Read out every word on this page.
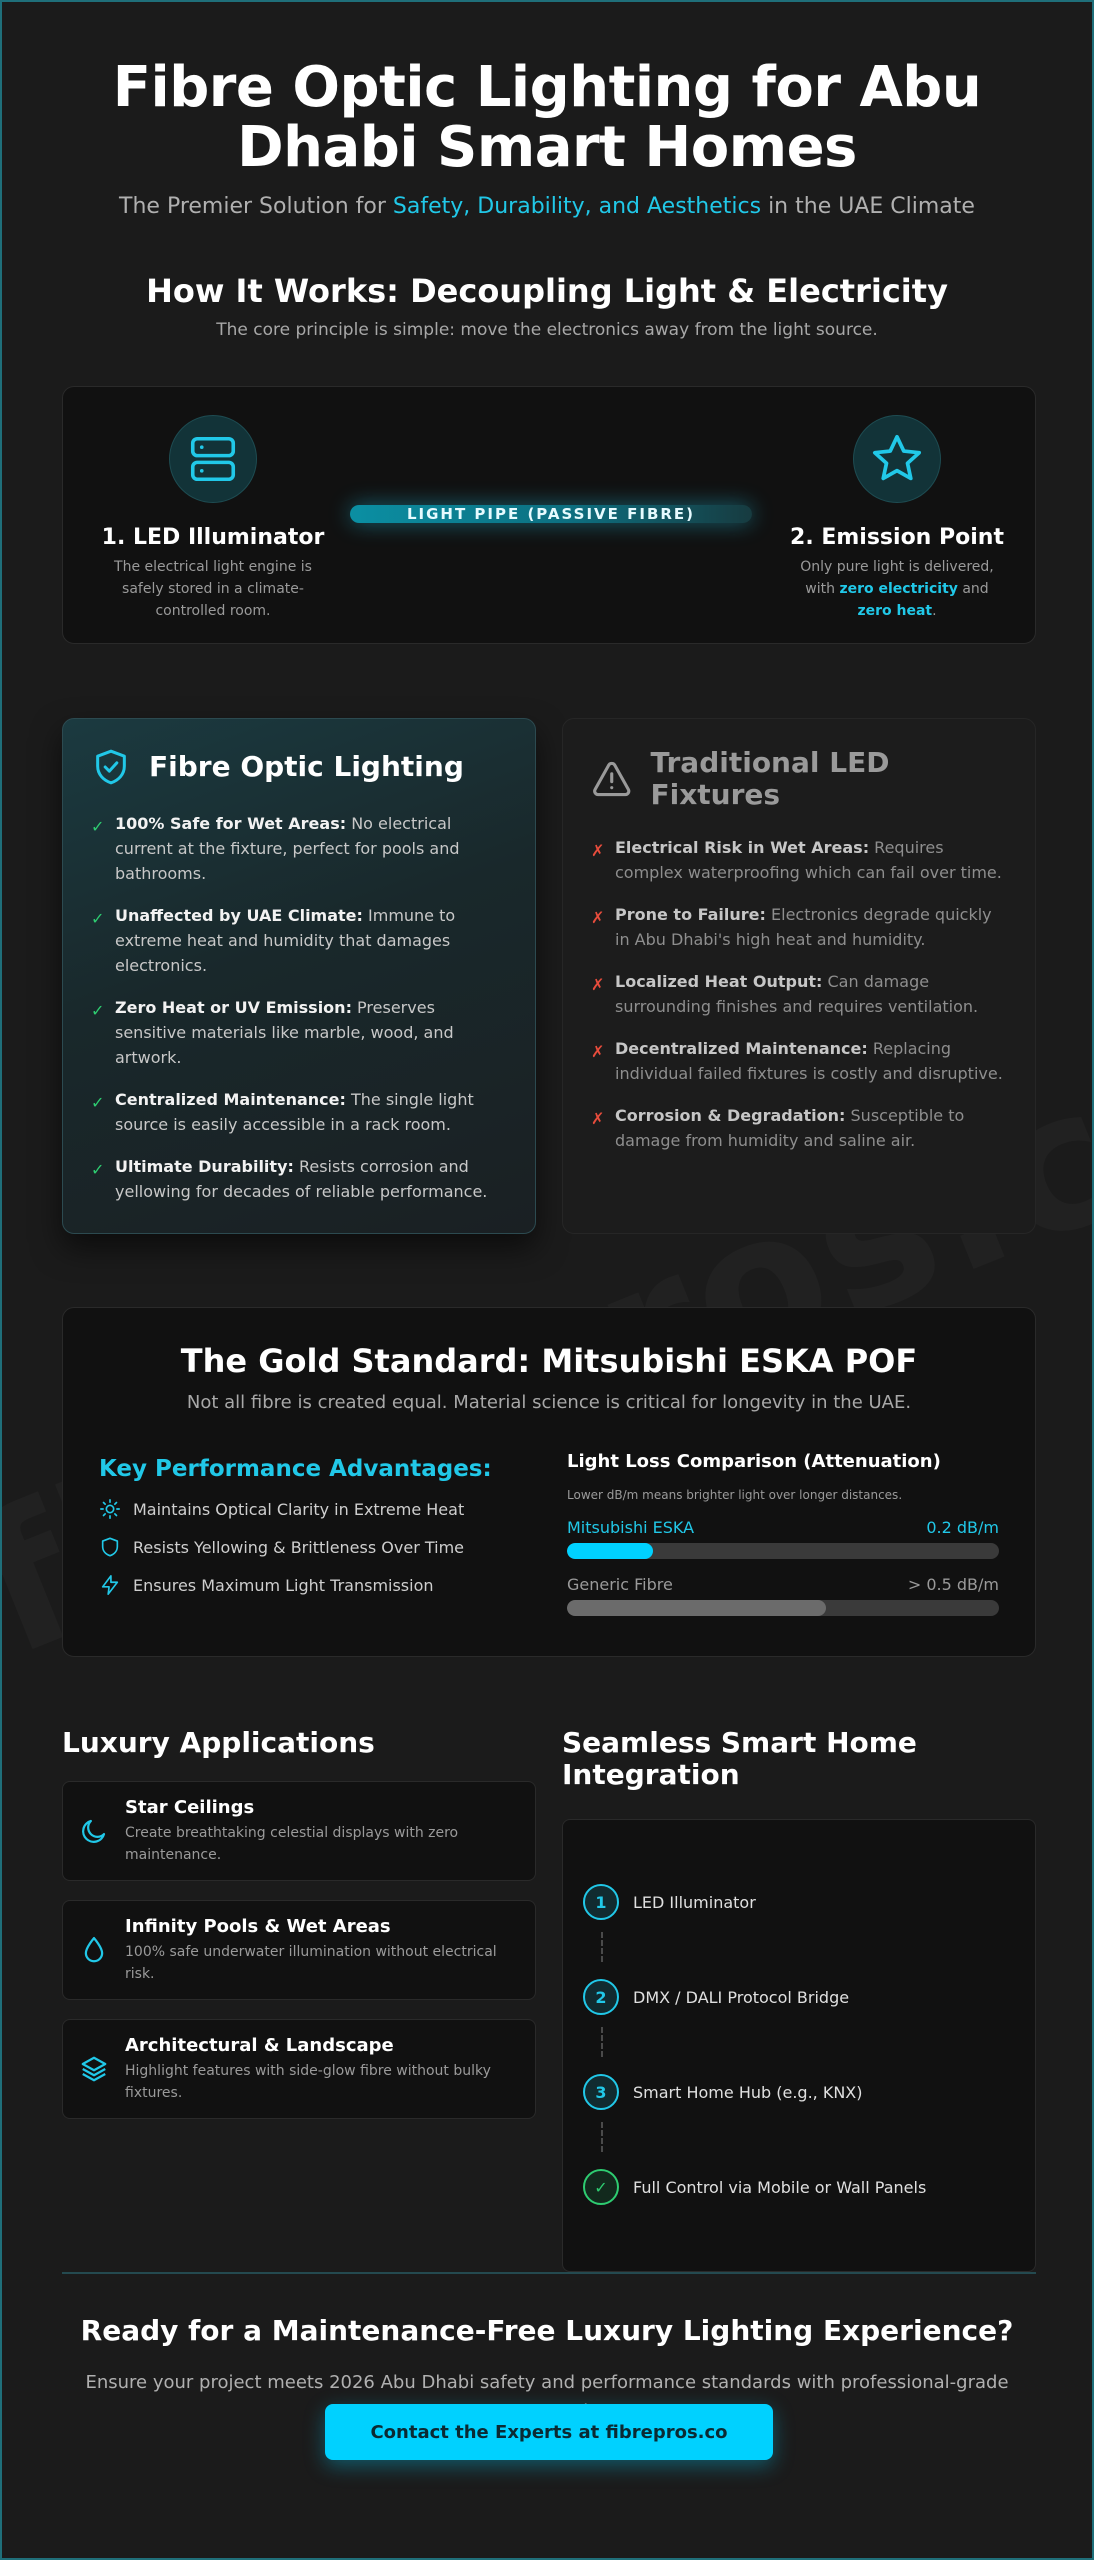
Fibre Optic Lighting for Abu Dhabi Smart Homes

The Premier Solution for Safety, Durability, and Aesthetics in the UAE Climate

How It Works: Decoupling Light & Electricity

The core principle is simple: move the electronics away from the light source.

1. LED Illuminator

The electrical light engine is safely stored in a climate-controlled room.

LIGHT PIPE (PASSIVE FIBRE)
2. Emission Point

Only pure light is delivered, with zero electricity and zero heat.

Fibre Optic Lighting
✓ 100% Safe for Wet Areas: No electrical current at the fixture, perfect for pools and bathrooms.
✓ Unaffected by UAE Climate: Immune to extreme heat and humidity that damages electronics.
✓ Zero Heat or UV Emission: Preserves sensitive materials like marble, wood, and artwork.
✓ Centralized Maintenance: The single light source is easily accessible in a rack room.
✓ Ultimate Durability: Resists corrosion and yellowing for decades of reliable performance.
Traditional LED Fixtures
✗ Electrical Risk in Wet Areas: Requires complex waterproofing which can fail over time.
✗ Prone to Failure: Electronics degrade quickly in Abu Dhabi's high heat and humidity.
✗ Localized Heat Output: Can damage surrounding finishes and requires ventilation.
✗ Decentralized Maintenance: Replacing individual failed fixtures is costly and disruptive.
✗ Corrosion & Degradation: Susceptible to damage from humidity and saline air.
The Gold Standard: Mitsubishi ESKA POF
Not all fibre is created equal. Material science is critical for longevity in the UAE.
Key Performance Advantages:
Maintains Optical Clarity in Extreme Heat
Resists Yellowing & Brittleness Over Time
Ensures Maximum Light Transmission
Light Loss Comparison (Attenuation)
Lower dB/m means brighter light over longer distances.
Mitsubishi ESKA	0.2 dB/m
Generic Fibre	> 0.5 dB/m
Luxury Applications
Star Ceilings

Create breathtaking celestial displays with zero maintenance.

Infinity Pools & Wet Areas

100% safe underwater illumination without electrical risk.

Architectural & Landscape

Highlight features with side-glow fibre without bulky fixtures.

Seamless Smart Home Integration
1	LED Illuminator
2	DMX / DALI Protocol Bridge
3	Smart Home Hub (e.g., KNX)
✓	Full Control via Mobile or Wall Panels
Ready for a Maintenance-Free Luxury Lighting Experience?

Ensure your project meets 2026 Abu Dhabi safety and performance standards with professional-grade

Contact the Experts at fibrepros.co
